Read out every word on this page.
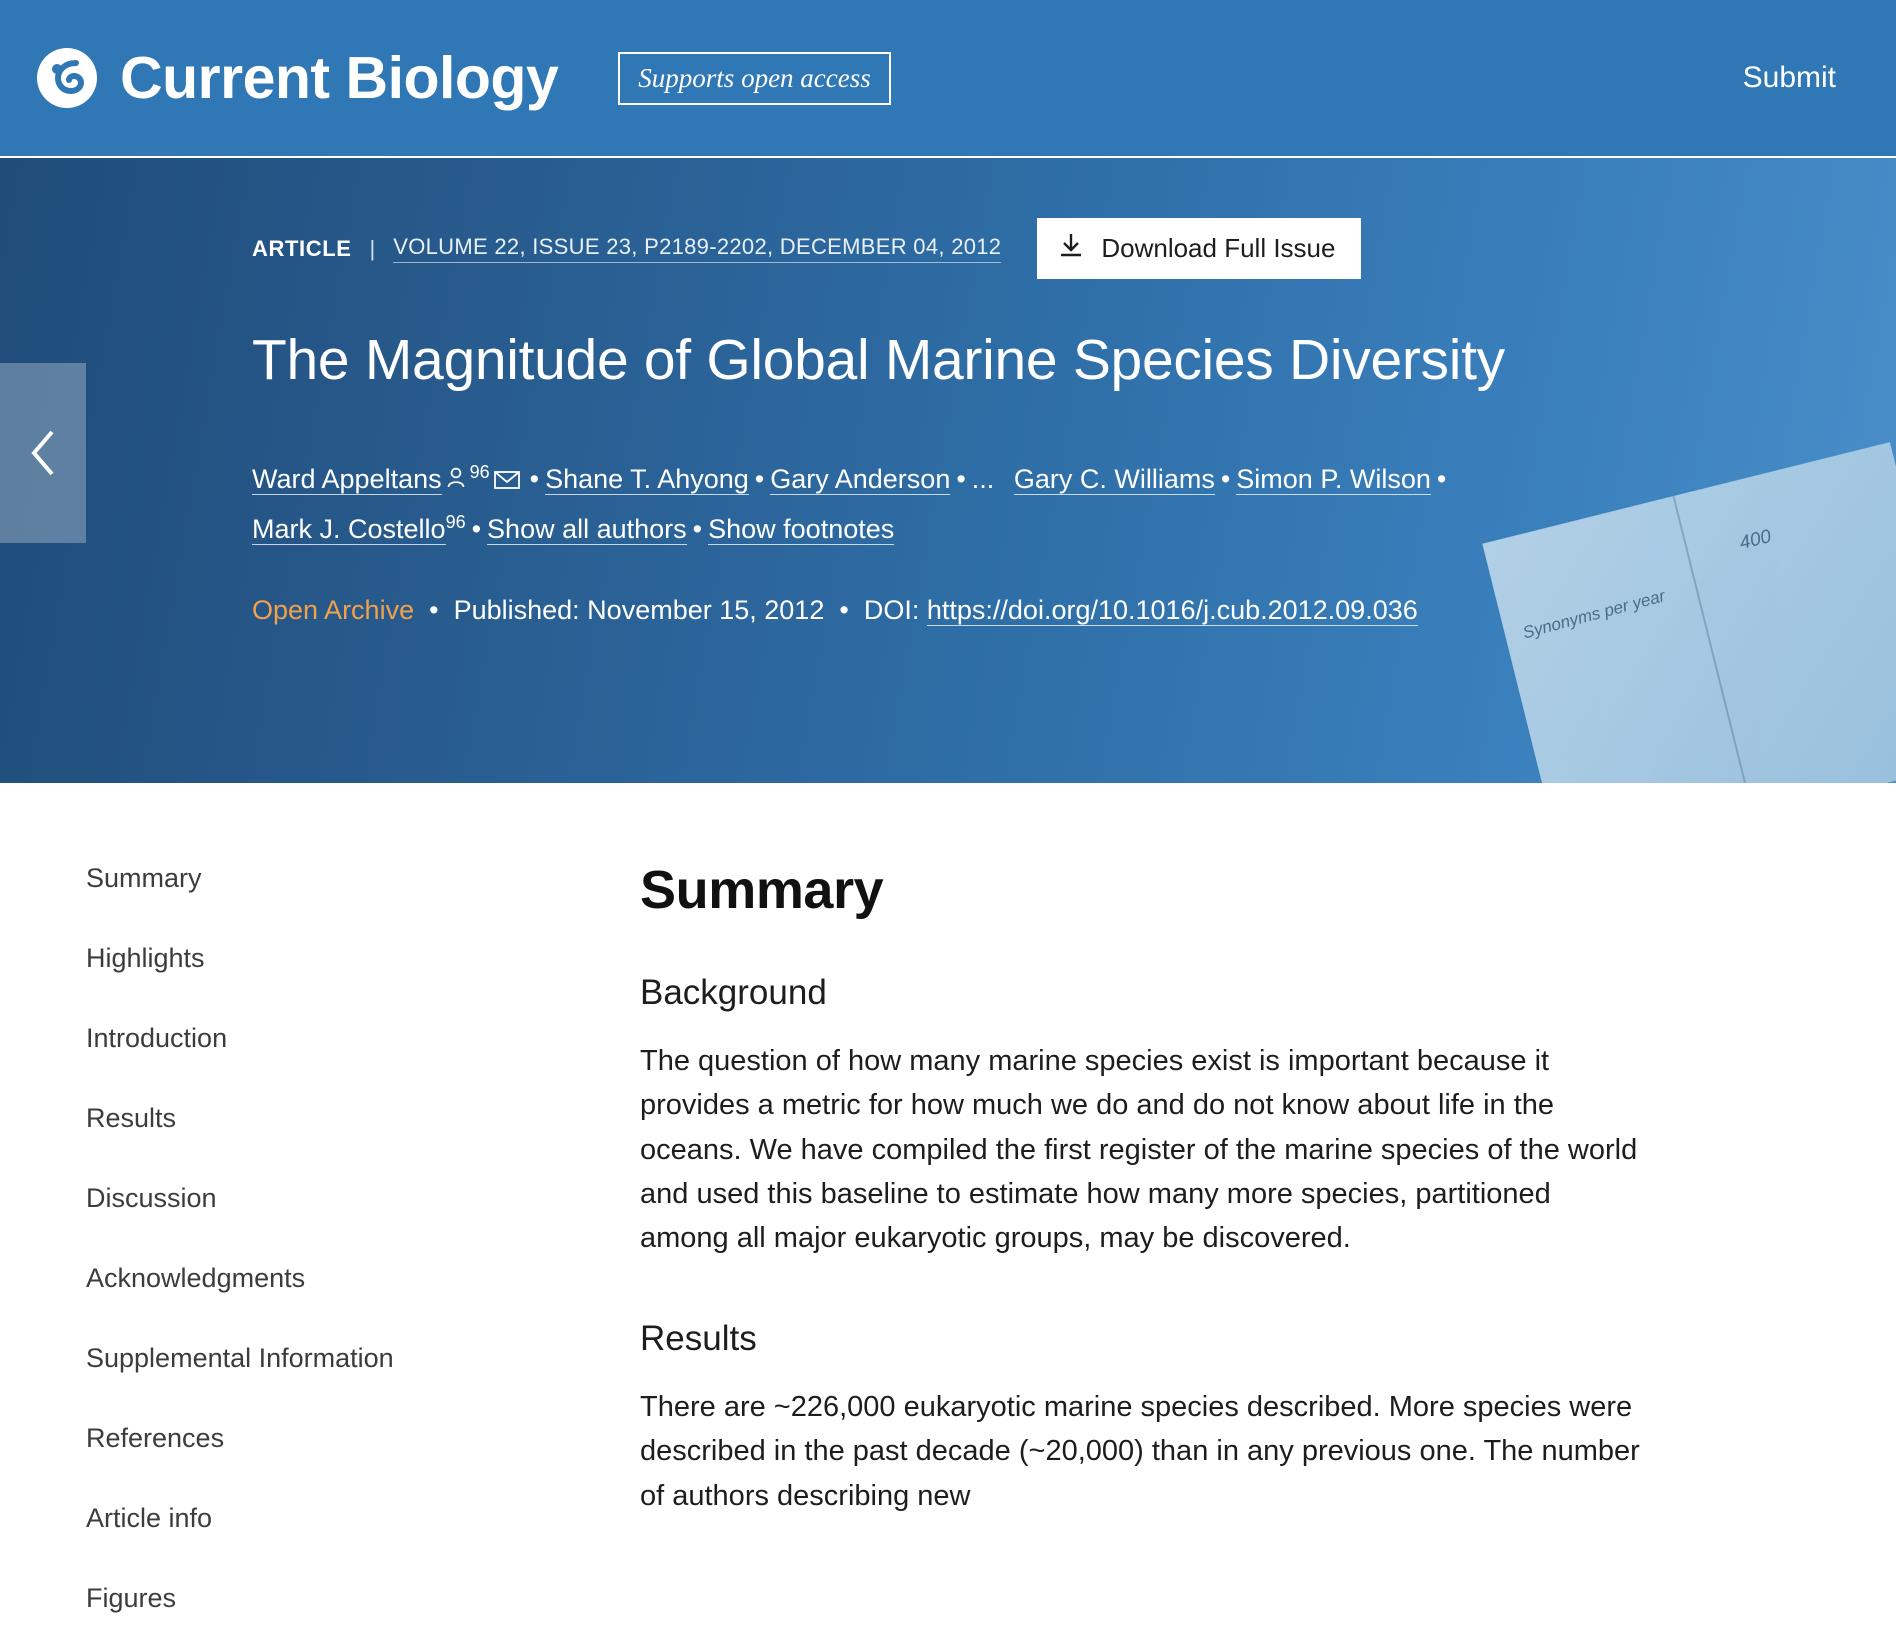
Current Biology	Supports open access	Submit
Synonyms per year
400
ARTICLE | VOLUME 22, ISSUE 23, P2189-2202, DECEMBER 04, 2012	Download Full Issue
The Magnitude of Global Marine Species Diversity
Ward Appeltans $^{96}$ • Shane T. Ahyong • Gary Anderson • ... Gary C. Williams • Simon P. Wilson •
Mark J. Costello$^{96}$ • Show all authors • Show footnotes
Open Archive  •  Published: November 15, 2012  •  DOI: https://doi.org/10.1016/j.cub.2012.09.036
Summary
Highlights
Introduction
Results
Discussion
Acknowledgments
Supplemental Information
References
Article info
Figures
Summary
Background

The question of how many marine species exist is important because it provides a metric for how much we do and do not know about life in the oceans. We have compiled the first register of the marine species of the world and used this baseline to estimate how many more species, partitioned among all major eukaryotic groups, may be discovered.

Results

There are ~226,000 eukaryotic marine species described. More species were described in the past decade (~20,000) than in any previous one. The number of authors describing new
